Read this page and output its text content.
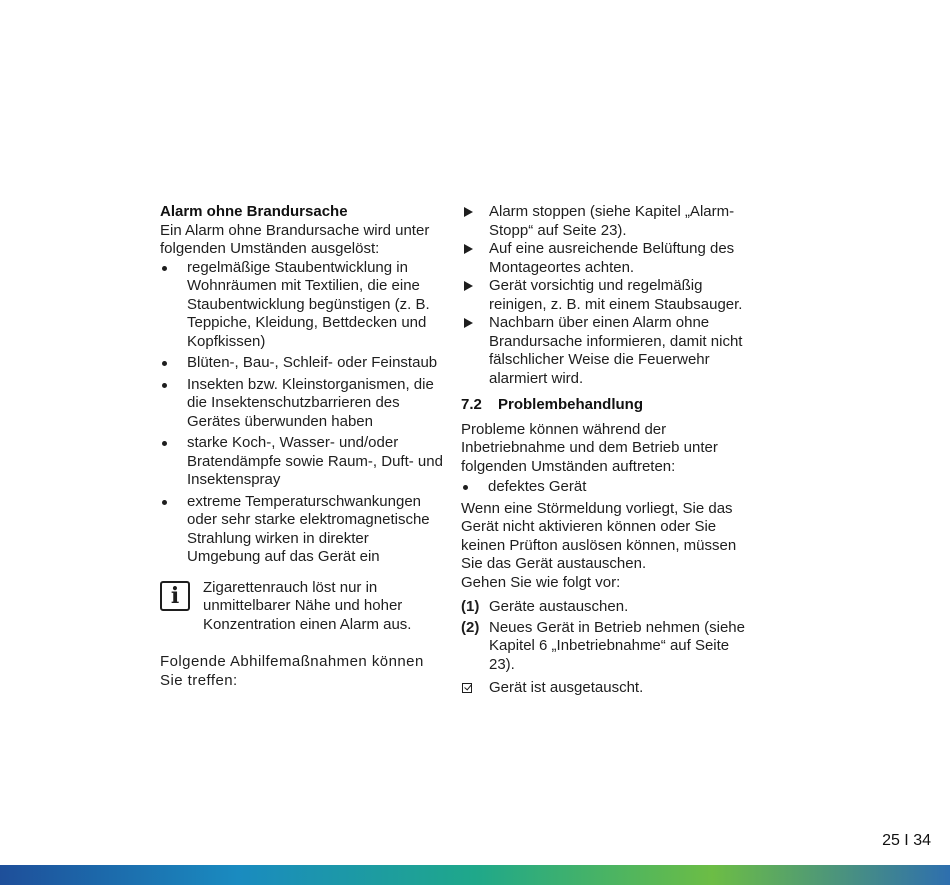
Alarm ohne Brandursache

Ein Alarm ohne Brandursache wird unter folgenden Umständen ausgelöst:

regelmäßige Staubentwicklung in Wohnräumen mit Textilien, die eine Staubentwicklung begünstigen (z. B. Teppiche, Kleidung, Bettdecken und Kopfkissen)
Blüten-, Bau-, Schleif- oder Feinstaub
Insekten bzw. Kleinstorganismen, die die Insektenschutzbarrieren des Gerätes überwunden haben
starke Koch-, Wasser- und/oder Bratendämpfe sowie Raum-, Duft- und Insektenspray
extreme Temperaturschwankungen oder sehr starke elektromagnetische Strahlung wirken in direkter Umgebung auf das Gerät ein
i	Zigarettenrauch löst nur in unmittelbarer Nähe und hoher Konzentration einen Alarm aus.

Folgende Abhilfemaßnahmen können Sie treffen:

Alarm stoppen (siehe Kapitel „Alarm-Stopp“ auf Seite 23).
Auf eine ausreichende Belüftung des Montageortes achten.
Gerät vorsichtig und regelmäßig reinigen, z. B. mit einem Staubsauger.
Nachbarn über einen Alarm ohne Brandursache informieren, damit nicht fälschlicher Weise die Feuerwehr alarmiert wird.
7.2 Problembehandlung

Probleme können während der Inbetriebnahme und dem Betrieb unter folgenden Umständen auftreten:

defektes Gerät

Wenn eine Störmeldung vorliegt, Sie das Gerät nicht aktivieren können oder Sie keinen Prüfton auslösen können, müssen Sie das Gerät austauschen.

Gehen Sie wie folgt vor:

(1) Geräte austauschen.
(2) Neues Gerät in Betrieb nehmen (siehe Kapitel 6 „Inbetriebnahme“ auf Seite 23).

Gerät ist ausgetauscht.

25 I 34
